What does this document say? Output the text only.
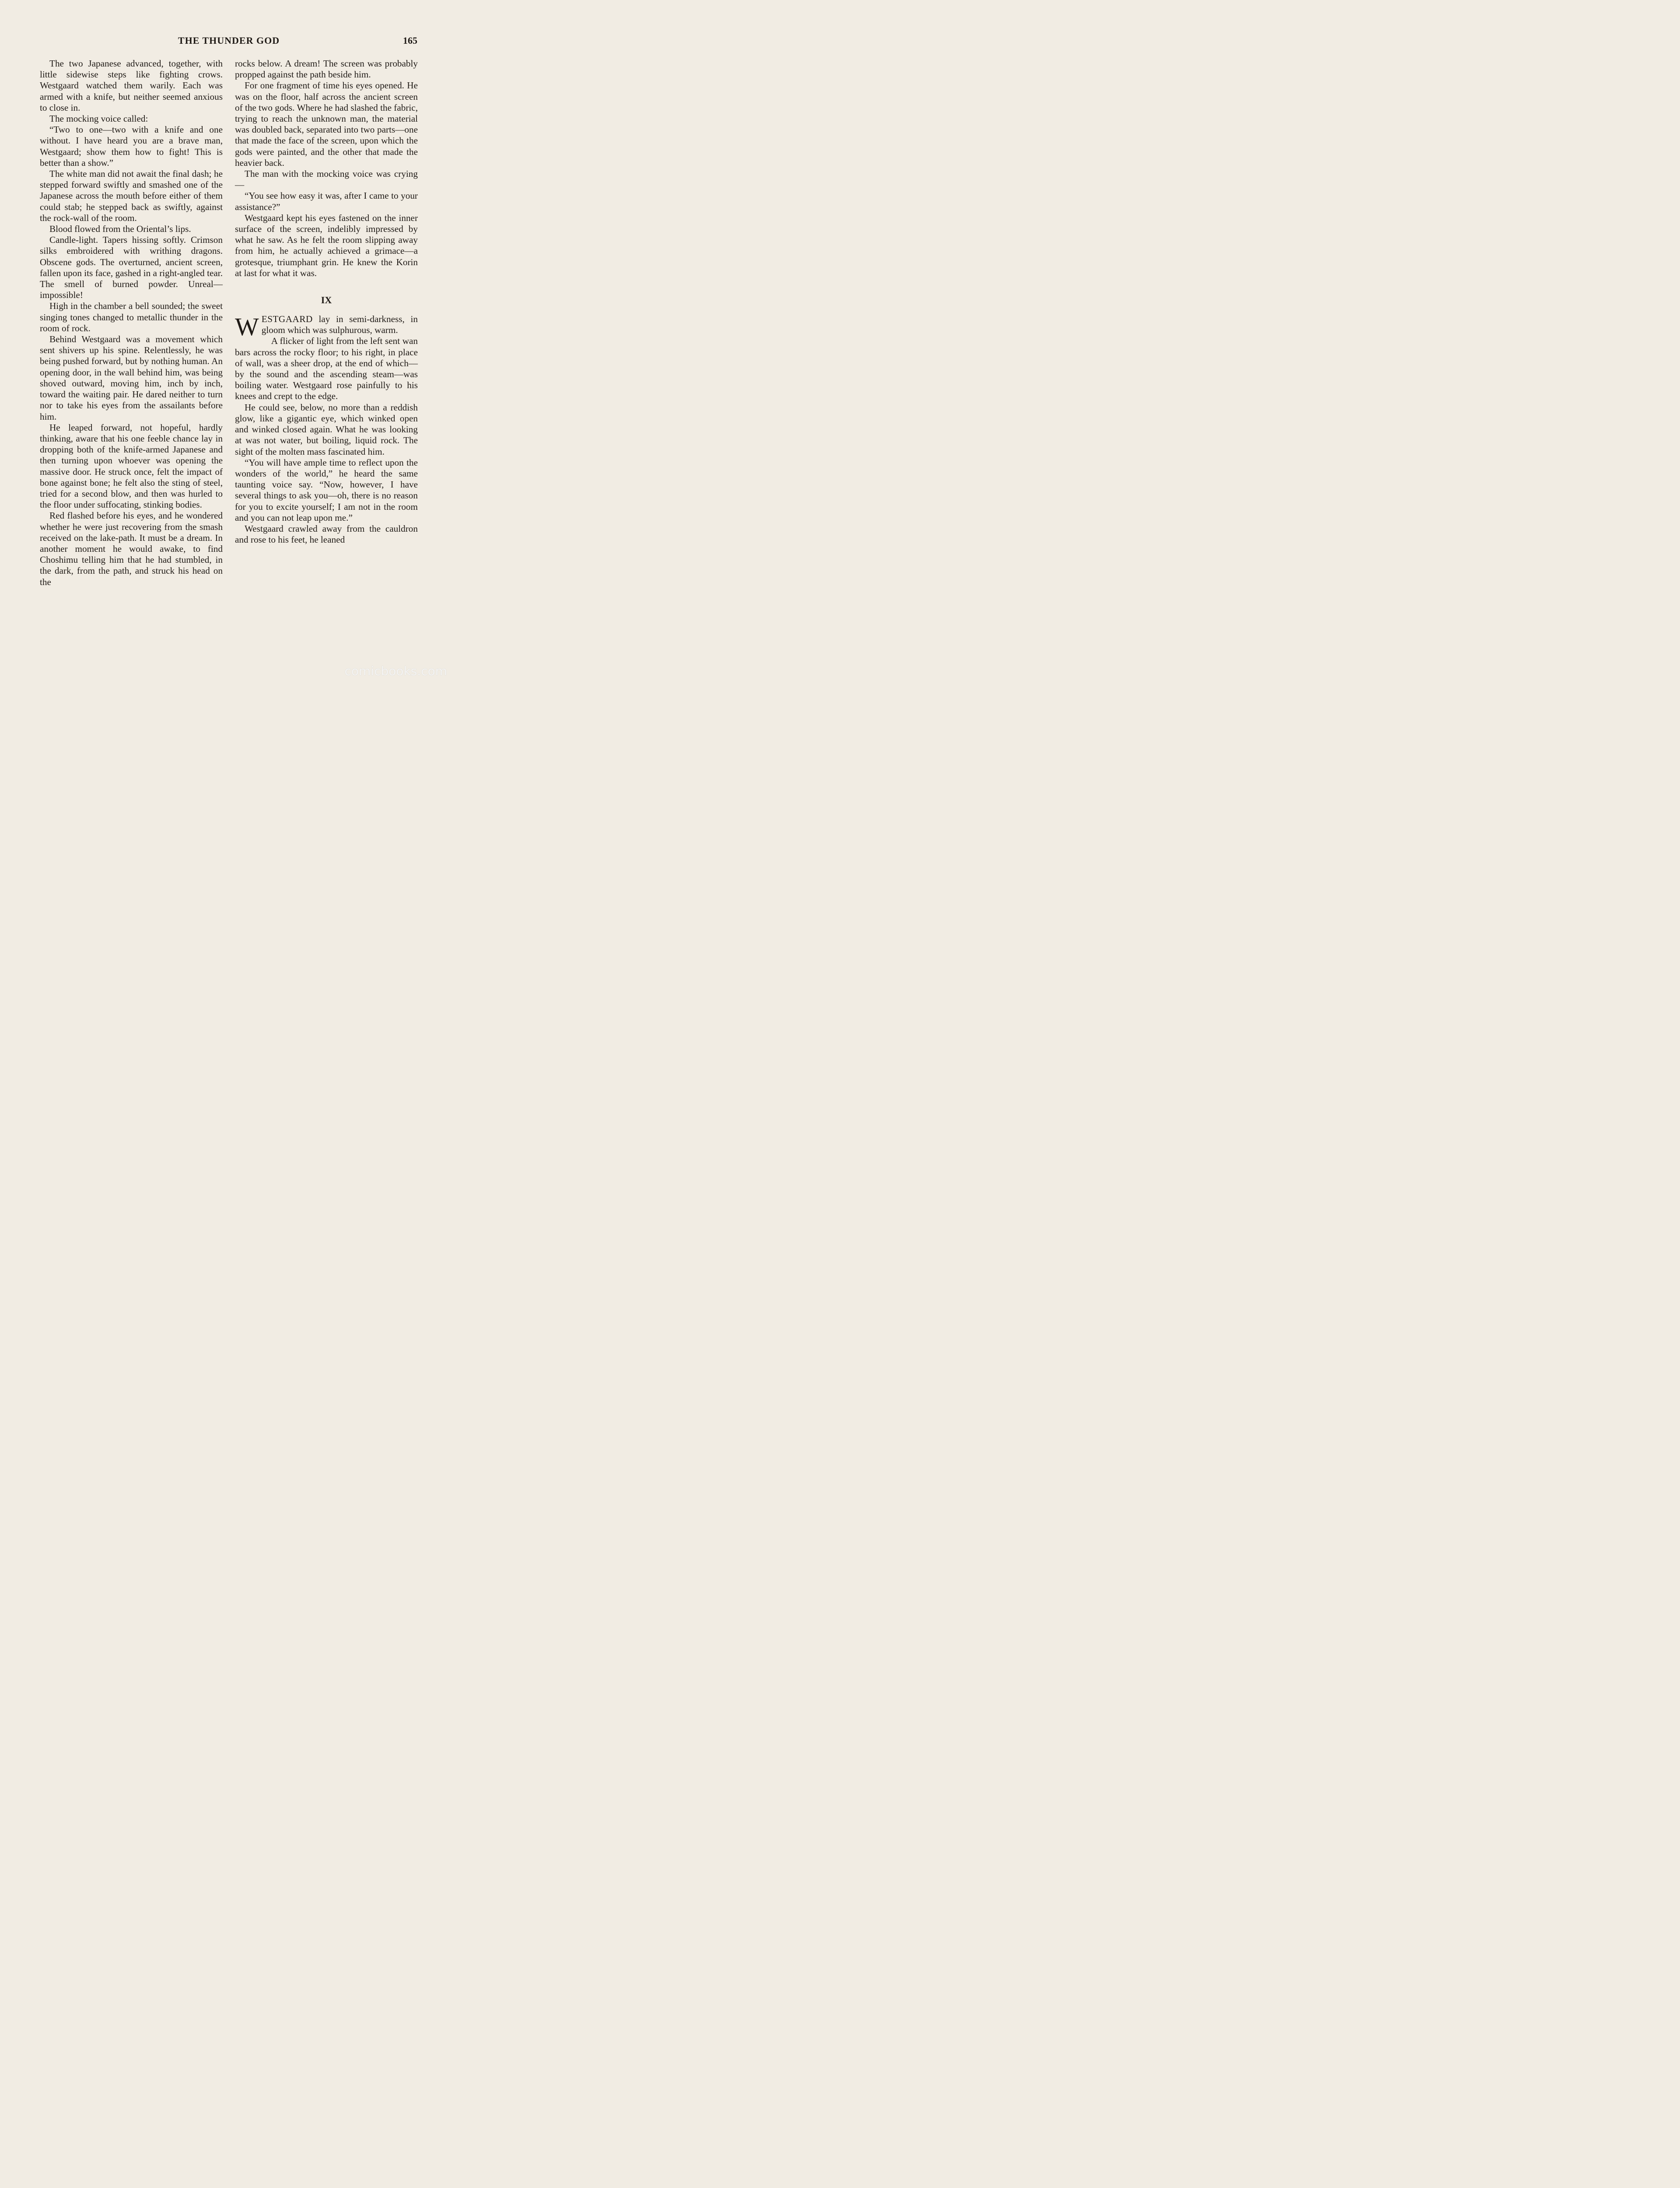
THE THUNDER GOD	165

The two Japanese advanced, together, with little sidewise steps like fighting crows. Westgaard watched them warily. Each was armed with a knife, but neither seemed anxious to close in.

The mocking voice called:

“Two to one—two with a knife and one without. I have heard you are a brave man, Westgaard; show them how to fight! This is better than a show.”

The white man did not await the final dash; he stepped forward swiftly and smashed one of the Japanese across the mouth before either of them could stab; he stepped back as swiftly, against the rock-wall of the room.

Blood flowed from the Oriental’s lips.

Candle-light. Tapers hissing softly. Crimson silks embroidered with writhing dragons. Obscene gods. The overturned, ancient screen, fallen upon its face, gashed in a right-angled tear. The smell of burned powder. Unreal—impossible!

High in the chamber a bell sounded; the sweet singing tones changed to metallic thunder in the room of rock.

Behind Westgaard was a movement which sent shivers up his spine. Relentlessly, he was being pushed forward, but by nothing human. An opening door, in the wall behind him, was being shoved outward, moving him, inch by inch, toward the waiting pair. He dared neither to turn nor to take his eyes from the assailants before him.

He leaped forward, not hopeful, hardly thinking, aware that his one feeble chance lay in dropping both of the knife-armed Japanese and then turning upon whoever was opening the massive door. He struck once, felt the impact of bone against bone; he felt also the sting of steel, tried for a second blow, and then was hurled to the floor under suffocating, stinking bodies.

Red flashed before his eyes, and he wondered whether he were just recovering from the smash received on the lake-path. It must be a dream. In another moment he would awake, to find Choshimu telling him that he had stumbled, in the dark, from the path, and struck his head on the

rocks below. A dream! The screen was probably propped against the path beside him.

For one fragment of time his eyes opened. He was on the floor, half across the ancient screen of the two gods. Where he had slashed the fabric, trying to reach the unknown man, the material was doubled back, separated into two parts—one that made the face of the screen, upon which the gods were painted, and the other that made the heavier back.

The man with the mocking voice was crying—

“You see how easy it was, after I came to your assistance?”

Westgaard kept his eyes fastened on the inner surface of the screen, indelibly impressed by what he saw. As he felt the room slipping away from him, he actually achieved a grimace—a grotesque, triumphant grin. He knew the Korin at last for what it was.

IX

WESTGAARD lay in semi-darkness, in gloom which was sulphurous, warm.

A flicker of light from the left sent wan bars across the rocky floor; to his right, in place of wall, was a sheer drop, at the end of which—by the sound and the ascending steam—was boiling water. Westgaard rose painfully to his knees and crept to the edge.

He could see, below, no more than a reddish glow, like a gigantic eye, which winked open and winked closed again. What he was looking at was not water, but boiling, liquid rock. The sight of the molten mass fascinated him.

“You will have ample time to reflect upon the wonders of the world,” he heard the same taunting voice say. “Now, however, I have several things to ask you—oh, there is no reason for you to excite yourself; I am not in the room and you can not leap upon me.”

Westgaard crawled away from the cauldron and rose to his feet, he leaned

comicbooks.com
